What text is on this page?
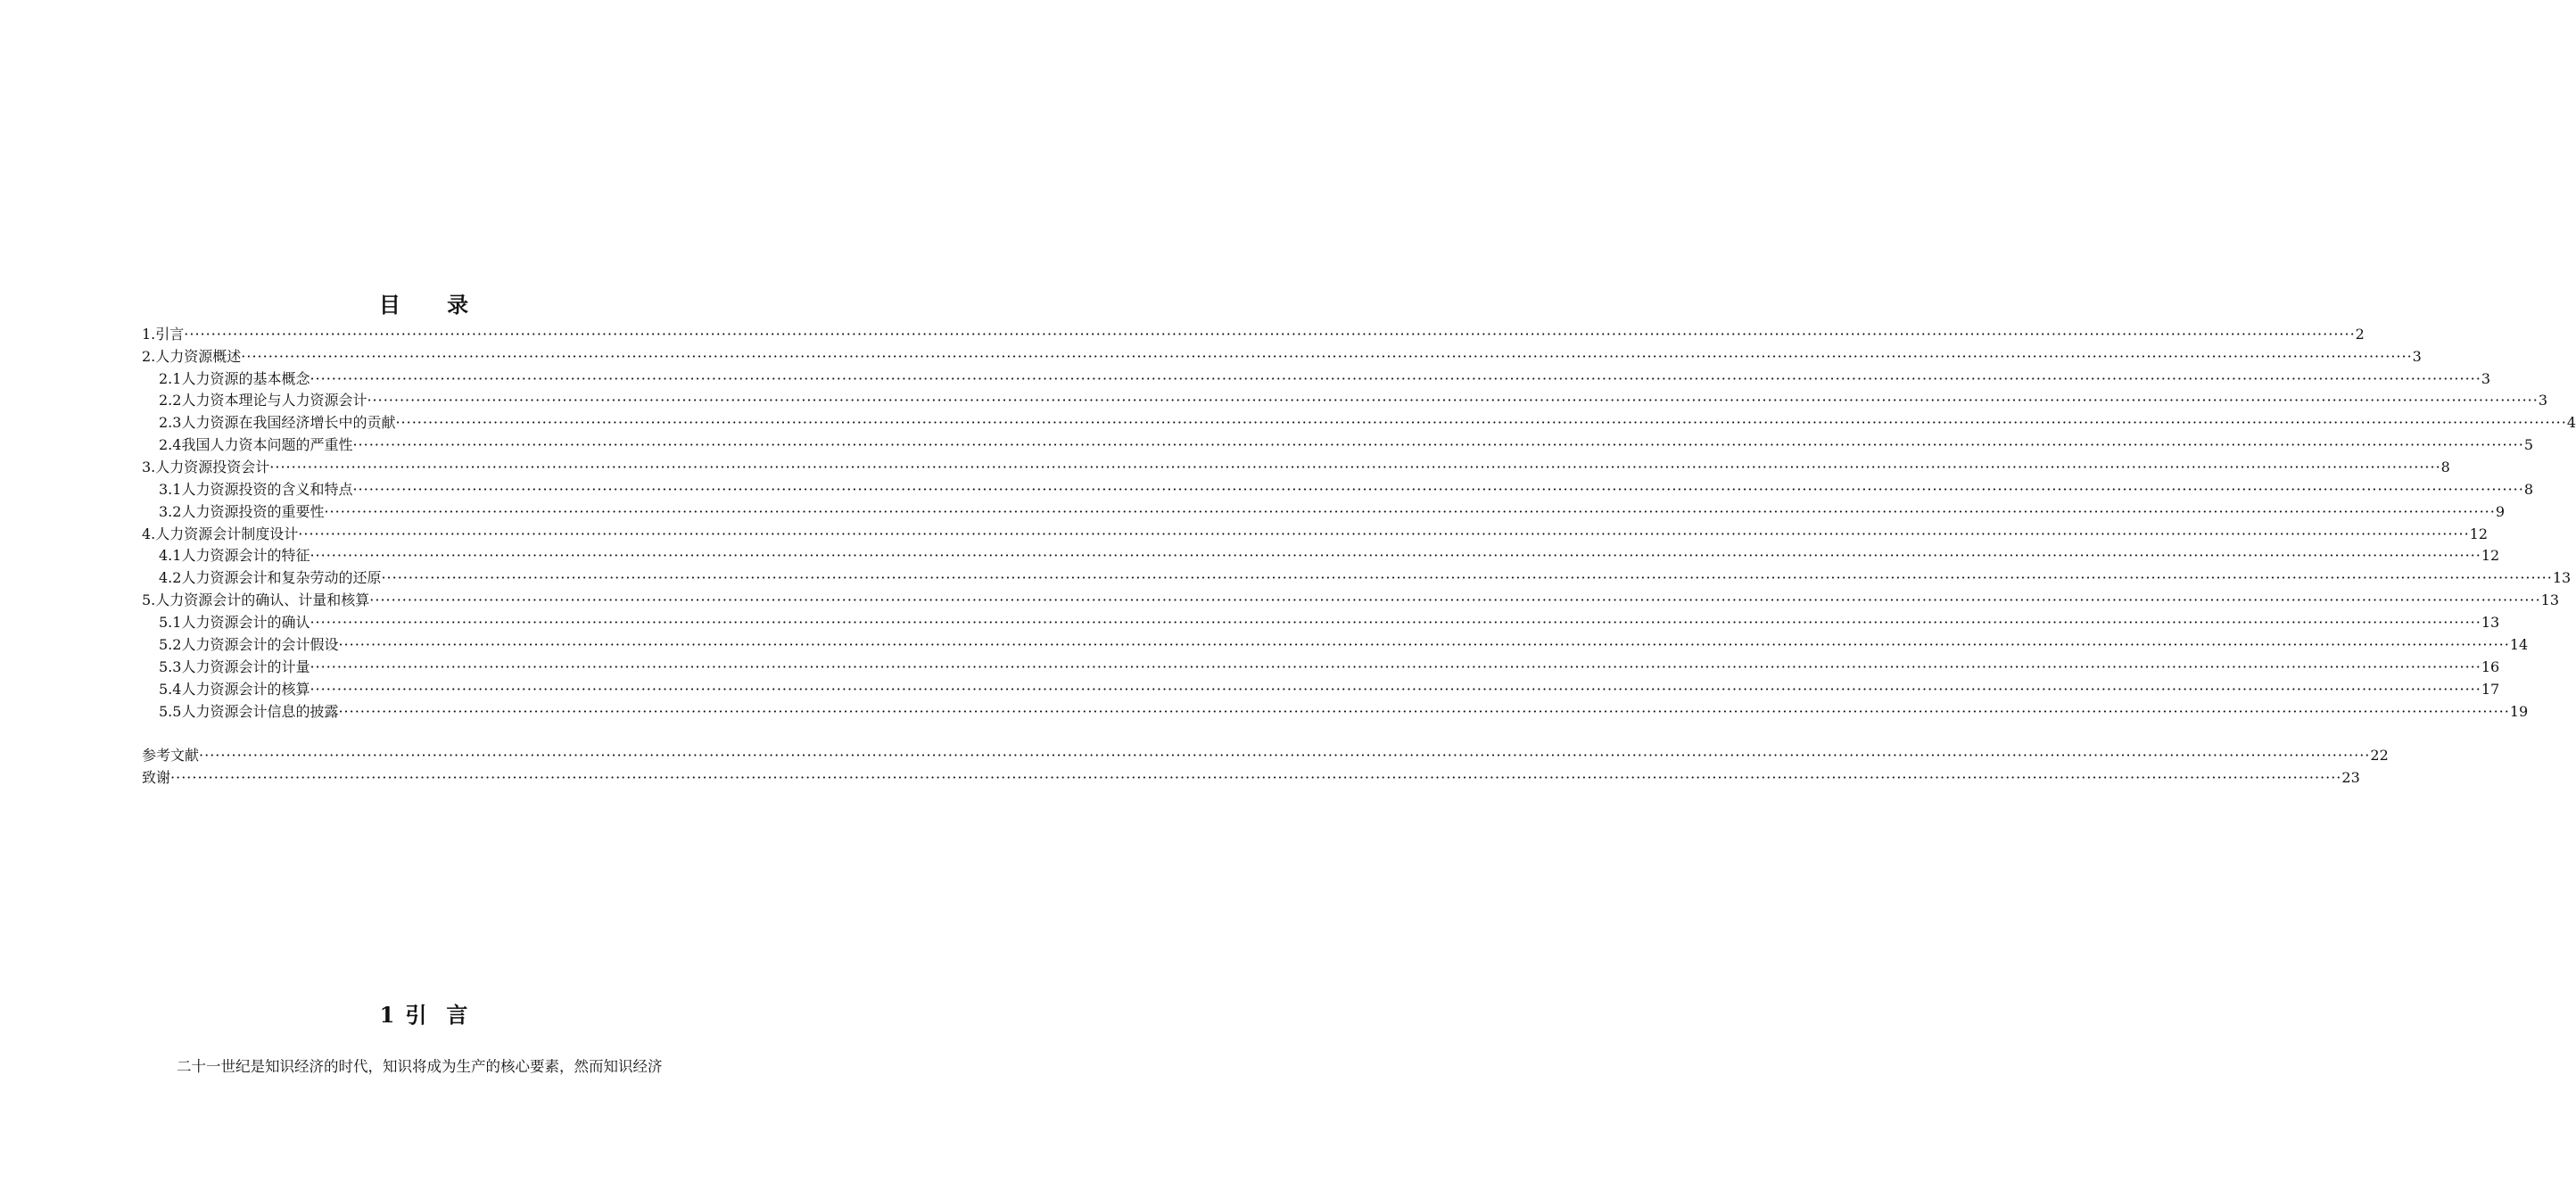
目 录
1.引言 ················································································································································································································································································································································································································ 2
2.人力资源概述 ················································································································································································································································································································································································································ 3
2.1人力资源的基本概念 ················································································································································································································································································································································································································ 3
2.2人力资本理论与人力资源会计 ················································································································································································································································································································································································································ 3
2.3人力资源在我国经济增长中的贡献 ················································································································································································································································································································································································································ 4
2.4我国人力资本问题的严重性 ················································································································································································································································································································································································································ 5
3.人力资源投资会计 ················································································································································································································································································································································································································ 8
3.1人力资源投资的含义和特点 ················································································································································································································································································································································································································ 8
3.2人力资源投资的重要性 ················································································································································································································································································································································································································ 9
4.人力资源会计制度设计 ················································································································································································································································································································································································································ 12
4.1人力资源会计的特征 ················································································································································································································································································································································································································ 12
4.2人力资源会计和复杂劳动的还原 ················································································································································································································································································································································································································ 13
5.人力资源会计的确认、计量和核算 ················································································································································································································································································································································································································ 13
5.1人力资源会计的确认 ················································································································································································································································································································································································································ 13
5.2人力资源会计的会计假设 ················································································································································································································································································································································································································ 14
5.3人力资源会计的计量 ················································································································································································································································································································································································································ 16
5.4人力资源会计的核算 ················································································································································································································································································································································································································ 17
5.5人力资源会计信息的披露 ················································································································································································································································································································································································································ 19
参考文献 ················································································································································································································································································································································································································ 22
致谢 ················································································································································································································································································································································································································ 23
1 引 言
二十一世纪是知识经济的时代，知识将成为生产的核心要素，然而知识经济
